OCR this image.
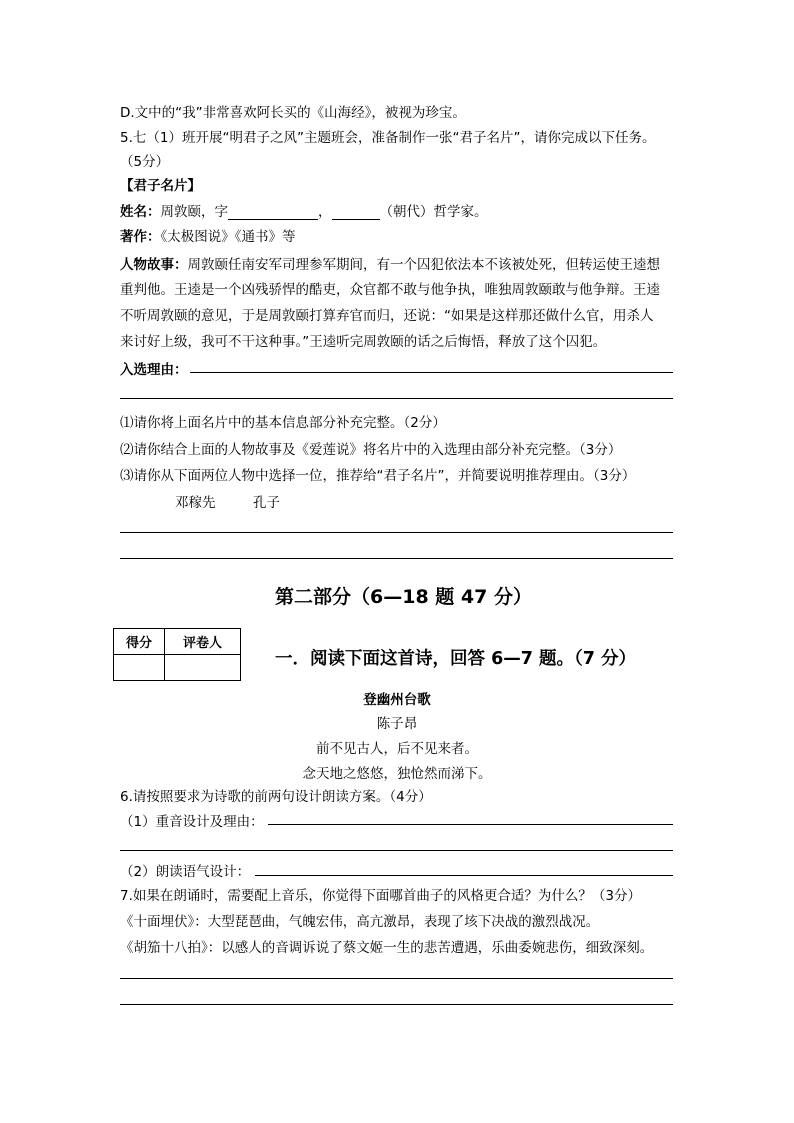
D.文中的“我”非常喜欢阿长买的《山海经》，被视为珍宝。
5.七（1）班开展“明君子之风”主题班会，准备制作一张“君子名片”，请你完成以下任务。
（5分）
【君子名片】
姓名：周敦颐，字	，	（朝代）哲学家。
著作：《太极图说》《通书》等
人物故事：周敦颐任南安军司理参军期间，有一个囚犯依法本不该被处死，但转运使王逵想
重判他。王逵是一个凶残骄悍的酷吏，众官都不敢与他争执，唯独周敦颐敢与他争辩。王逵
不听周敦颐的意见，于是周敦颐打算弃官而归，还说：“如果是这样那还做什么官，用杀人
来讨好上级，我可不干这种事。”王逵听完周敦颐的话之后悔悟，释放了这个囚犯。
入选理由：
⑴请你将上面名片中的基本信息部分补充完整。（2分）
⑵请你结合上面的人物故事及《爱莲说》将名片中的入选理由部分补充完整。（3分）
⑶请你从下面两位人物中选择一位，推荐给“君子名片”，并简要说明推荐理由。（3分）
邓稼先	孔子
第二部分（6—18 题 47 分）
得分	评卷人

一．阅读下面这首诗，回答 6—7 题。（7 分）
登幽州台歌
陈子昂
前不见古人，后不见来者。
念天地之悠悠，独怆然而涕下。
6.请按照要求为诗歌的前两句设计朗读方案。（4分）
（1）重音设计及理由：
（2）朗读语气设计：
7.如果在朗诵时，需要配上音乐，你觉得下面哪首曲子的风格更合适？为什么？（3分）
《十面埋伏》：大型琵琶曲，气魄宏伟，高亢激昂，表现了垓下决战的激烈战况。
《胡笳十八拍》：以感人的音调诉说了蔡文姬一生的悲苦遭遇，乐曲委婉悲伤，细致深刻。
